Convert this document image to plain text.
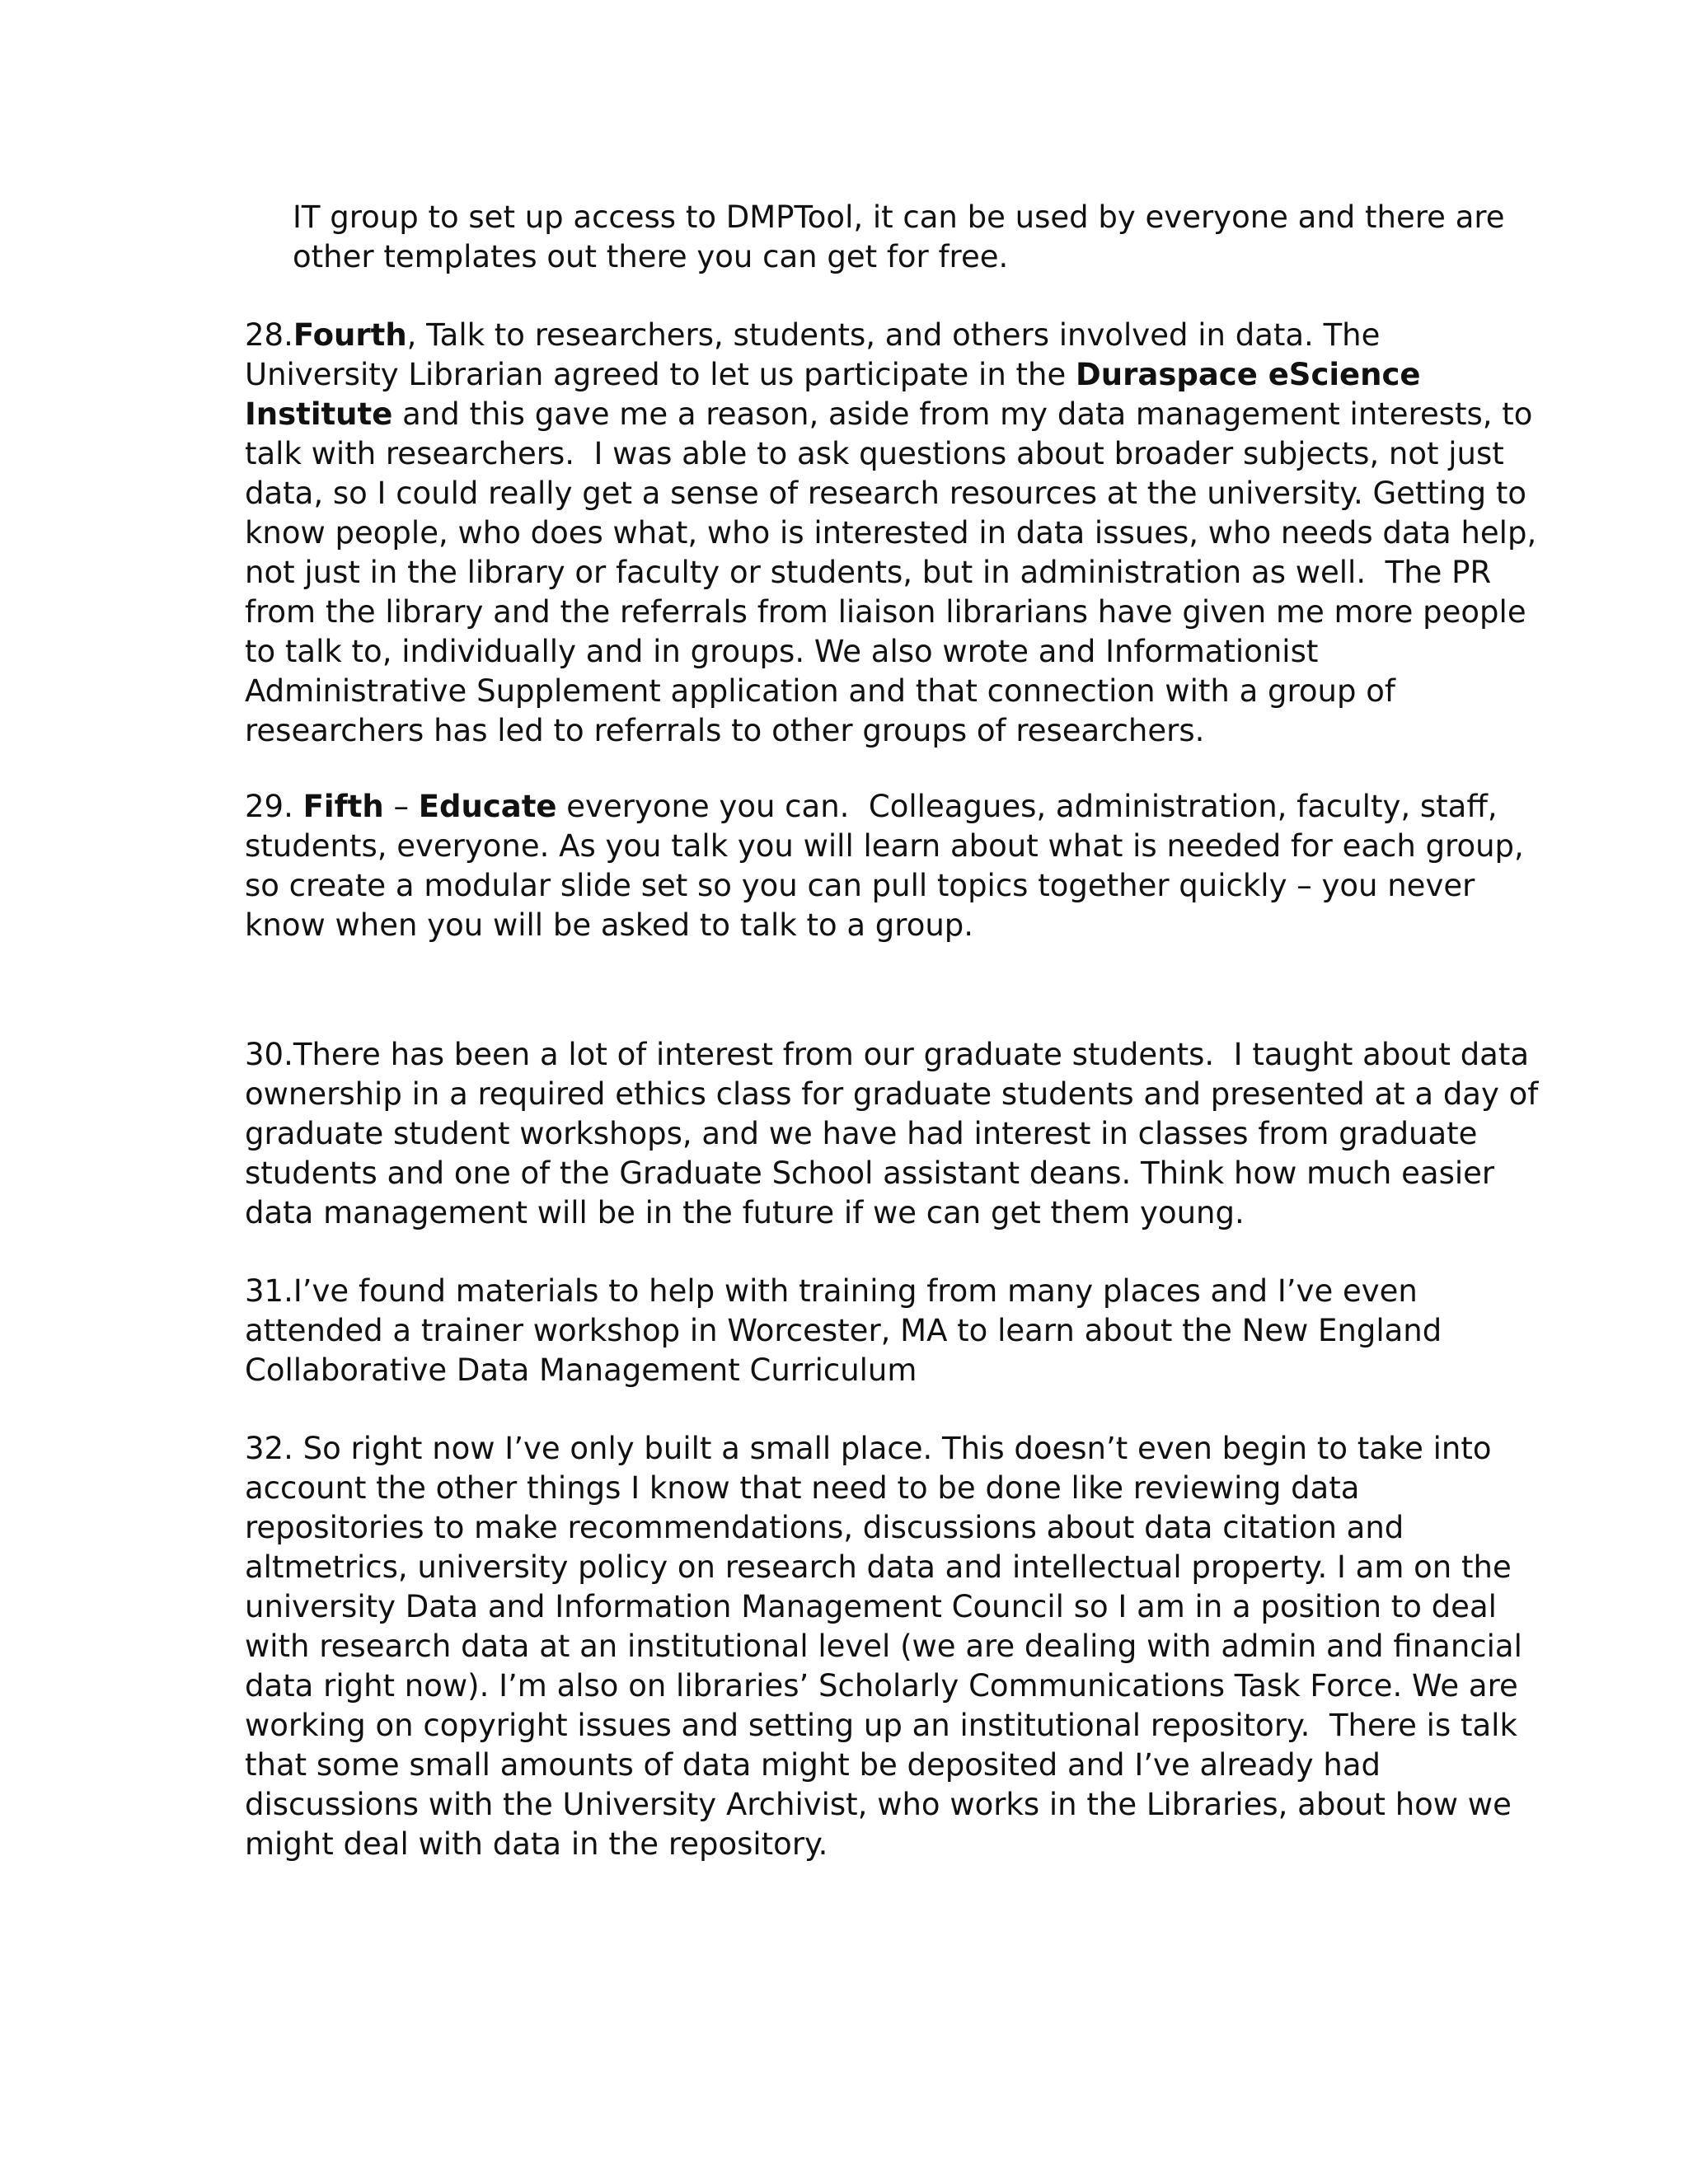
IT group to set up access to DMPTool, it can be used by everyone and there are
other templates out there you can get for free.
28.Fourth, Talk to researchers, students, and others involved in data. The
University Librarian agreed to let us participate in the Duraspace eScience
Institute and this gave me a reason, aside from my data management interests, to
talk with researchers.  I was able to ask questions about broader subjects, not just
data, so I could really get a sense of research resources at the university. Getting to
know people, who does what, who is interested in data issues, who needs data help,
not just in the library or faculty or students, but in administration as well.  The PR
from the library and the referrals from liaison librarians have given me more people
to talk to, individually and in groups. We also wrote and Informationist
Administrative Supplement application and that connection with a group of
researchers has led to referrals to other groups of researchers.
29. Fifth – Educate everyone you can.  Colleagues, administration, faculty, staff,
students, everyone. As you talk you will learn about what is needed for each group,
so create a modular slide set so you can pull topics together quickly – you never
know when you will be asked to talk to a group.
30.There has been a lot of interest from our graduate students.  I taught about data
ownership in a required ethics class for graduate students and presented at a day of
graduate student workshops, and we have had interest in classes from graduate
students and one of the Graduate School assistant deans. Think how much easier
data management will be in the future if we can get them young.
31.I’ve found materials to help with training from many places and I’ve even
attended a trainer workshop in Worcester, MA to learn about the New England
Collaborative Data Management Curriculum
32. So right now I’ve only built a small place. This doesn’t even begin to take into
account the other things I know that need to be done like reviewing data
repositories to make recommendations, discussions about data citation and
altmetrics, university policy on research data and intellectual property. I am on the
university Data and Information Management Council so I am in a position to deal
with research data at an institutional level (we are dealing with admin and financial
data right now). I’m also on libraries’ Scholarly Communications Task Force. We are
working on copyright issues and setting up an institutional repository.  There is talk
that some small amounts of data might be deposited and I’ve already had
discussions with the University Archivist, who works in the Libraries, about how we
might deal with data in the repository.
